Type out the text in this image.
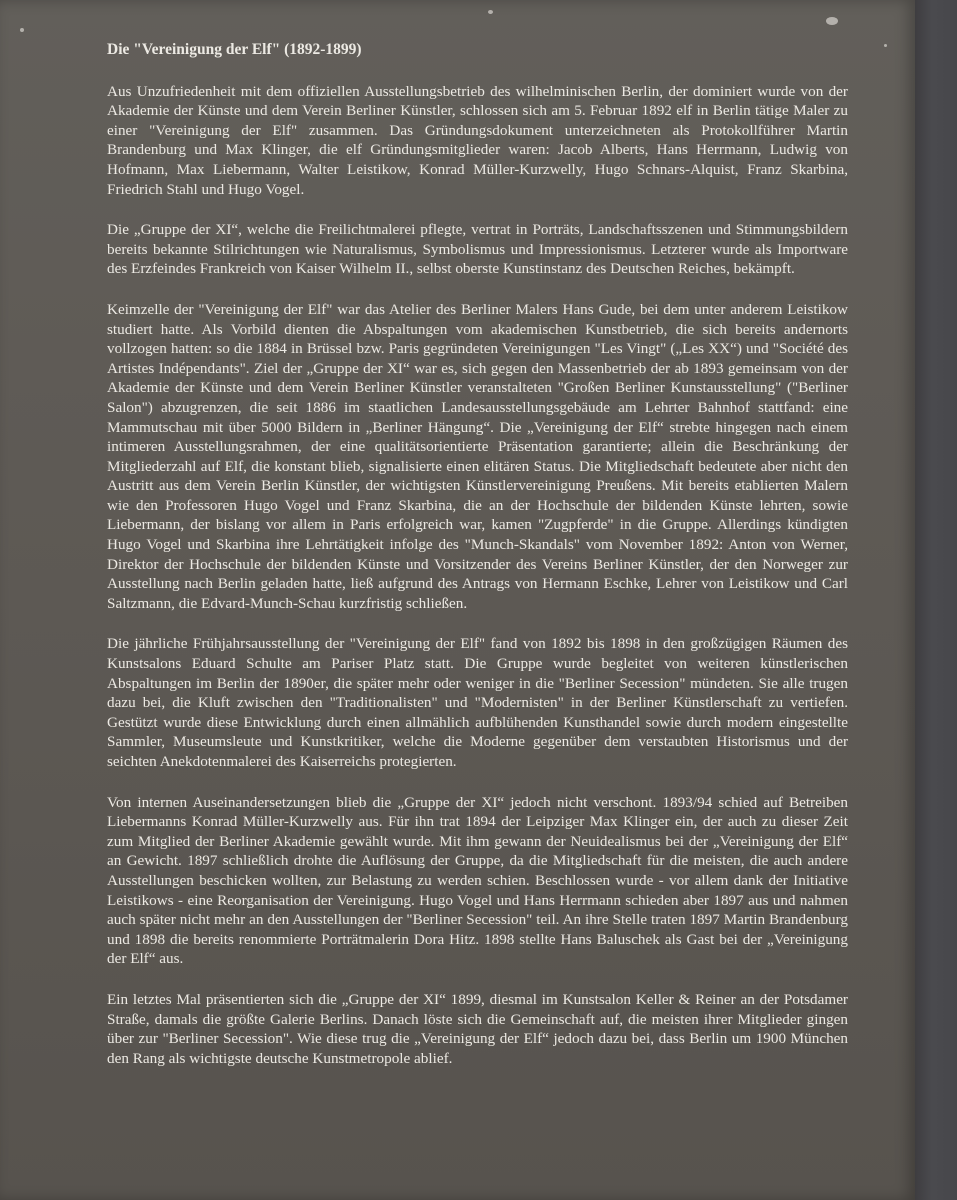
Die "Vereinigung der Elf" (1892-1899)

Aus Unzufriedenheit mit dem offiziellen Ausstellungsbetrieb des wilhelminischen Berlin, der dominiert wurde von der Akademie der Künste und dem Verein Berliner Künstler, schlossen sich am 5. Februar 1892 elf in Berlin tätige Maler zu einer "Vereinigung der Elf" zusammen. Das Gründungsdokument unterzeichneten als Protokollführer Martin Brandenburg und Max Klinger, die elf Gründungsmitglieder waren: Jacob Alberts, Hans Herrmann, Ludwig von Hofmann, Max Liebermann, Walter Leistikow, Konrad Müller-Kurzwelly, Hugo Schnars-Alquist, Franz Skarbina, Friedrich Stahl und Hugo Vogel.

Die „Gruppe der XI“, welche die Freilichtmalerei pflegte, vertrat in Porträts, Landschaftsszenen und Stimmungsbildern bereits bekannte Stilrichtungen wie Naturalismus, Symbolismus und Impressionismus. Letzterer wurde als Importware des Erzfeindes Frankreich von Kaiser Wilhelm II., selbst oberste Kunstinstanz des Deutschen Reiches, bekämpft.

Keimzelle der "Vereinigung der Elf" war das Atelier des Berliner Malers Hans Gude, bei dem unter anderem Leistikow studiert hatte. Als Vorbild dienten die Abspaltungen vom akademischen Kunstbetrieb, die sich bereits andernorts vollzogen hatten: so die 1884 in Brüssel bzw. Paris gegründeten Vereinigungen "Les Vingt" („Les XX“) und "Société des Artistes Indépendants". Ziel der „Gruppe der XI“ war es, sich gegen den Massenbetrieb der ab 1893 gemeinsam von der Akademie der Künste und dem Verein Berliner Künstler veranstalteten "Großen Berliner Kunstausstellung" ("Berliner Salon") abzugrenzen, die seit 1886 im staatlichen Landesausstellungsgebäude am Lehrter Bahnhof stattfand: eine Mammutschau mit über 5000 Bildern in „Berliner Hängung“. Die „Vereinigung der Elf“ strebte hingegen nach einem intimeren Ausstellungsrahmen, der eine qualitätsorientierte Präsentation garantierte; allein die Beschränkung der Mitgliederzahl auf Elf, die konstant blieb, signalisierte einen elitären Status. Die Mitgliedschaft bedeutete aber nicht den Austritt aus dem Verein Berlin Künstler, der wichtigsten Künstlervereinigung Preußens. Mit bereits etablierten Malern wie den Professoren Hugo Vogel und Franz Skarbina, die an der Hochschule der bildenden Künste lehrten, sowie Liebermann, der bislang vor allem in Paris erfolgreich war, kamen "Zugpferde" in die Gruppe. Allerdings kündigten Hugo Vogel und Skarbina ihre Lehrtätigkeit infolge des "Munch-Skandals" vom November 1892: Anton von Werner, Direktor der Hochschule der bildenden Künste und Vorsitzender des Vereins Berliner Künstler, der den Norweger zur Ausstellung nach Berlin geladen hatte, ließ aufgrund des Antrags von Hermann Eschke, Lehrer von Leistikow und Carl Saltzmann, die Edvard-Munch-Schau kurzfristig schließen.

Die jährliche Frühjahrsausstellung der "Vereinigung der Elf" fand von 1892 bis 1898 in den großzügigen Räumen des Kunstsalons Eduard Schulte am Pariser Platz statt. Die Gruppe wurde begleitet von weiteren künstlerischen Abspaltungen im Berlin der 1890er, die später mehr oder weniger in die "Berliner Secession" mündeten. Sie alle trugen dazu bei, die Kluft zwischen den "Traditionalisten" und "Modernisten" in der Berliner Künstlerschaft zu vertiefen. Gestützt wurde diese Entwicklung durch einen allmählich aufblühenden Kunsthandel sowie durch modern eingestellte Sammler, Museumsleute und Kunstkritiker, welche die Moderne gegenüber dem verstaubten Historismus und der seichten Anekdotenmalerei des Kaiserreichs protegierten.

Von internen Auseinandersetzungen blieb die „Gruppe der XI“ jedoch nicht verschont. 1893/94 schied auf Betreiben Liebermanns Konrad Müller-Kurzwelly aus. Für ihn trat 1894 der Leipziger Max Klinger ein, der auch zu dieser Zeit zum Mitglied der Berliner Akademie gewählt wurde. Mit ihm gewann der Neuidealismus bei der „Vereinigung der Elf“ an Gewicht. 1897 schließlich drohte die Auflösung der Gruppe, da die Mitgliedschaft für die meisten, die auch andere Ausstellungen beschicken wollten, zur Belastung zu werden schien. Beschlossen wurde - vor allem dank der Initiative Leistikows - eine Reorganisation der Vereinigung. Hugo Vogel und Hans Herrmann schieden aber 1897 aus und nahmen auch später nicht mehr an den Ausstellungen der "Berliner Secession" teil. An ihre Stelle traten 1897 Martin Brandenburg und 1898 die bereits renommierte Porträtmalerin Dora Hitz. 1898 stellte Hans Baluschek als Gast bei der „Vereinigung der Elf“ aus.

Ein letztes Mal präsentierten sich die „Gruppe der XI“ 1899, diesmal im Kunstsalon Keller & Reiner an der Potsdamer Straße, damals die größte Galerie Berlins. Danach löste sich die Gemeinschaft auf, die meisten ihrer Mitglieder gingen über zur "Berliner Secession". Wie diese trug die „Vereinigung der Elf“ jedoch dazu bei, dass Berlin um 1900 München den Rang als wichtigste deutsche Kunstmetropole ablief.
